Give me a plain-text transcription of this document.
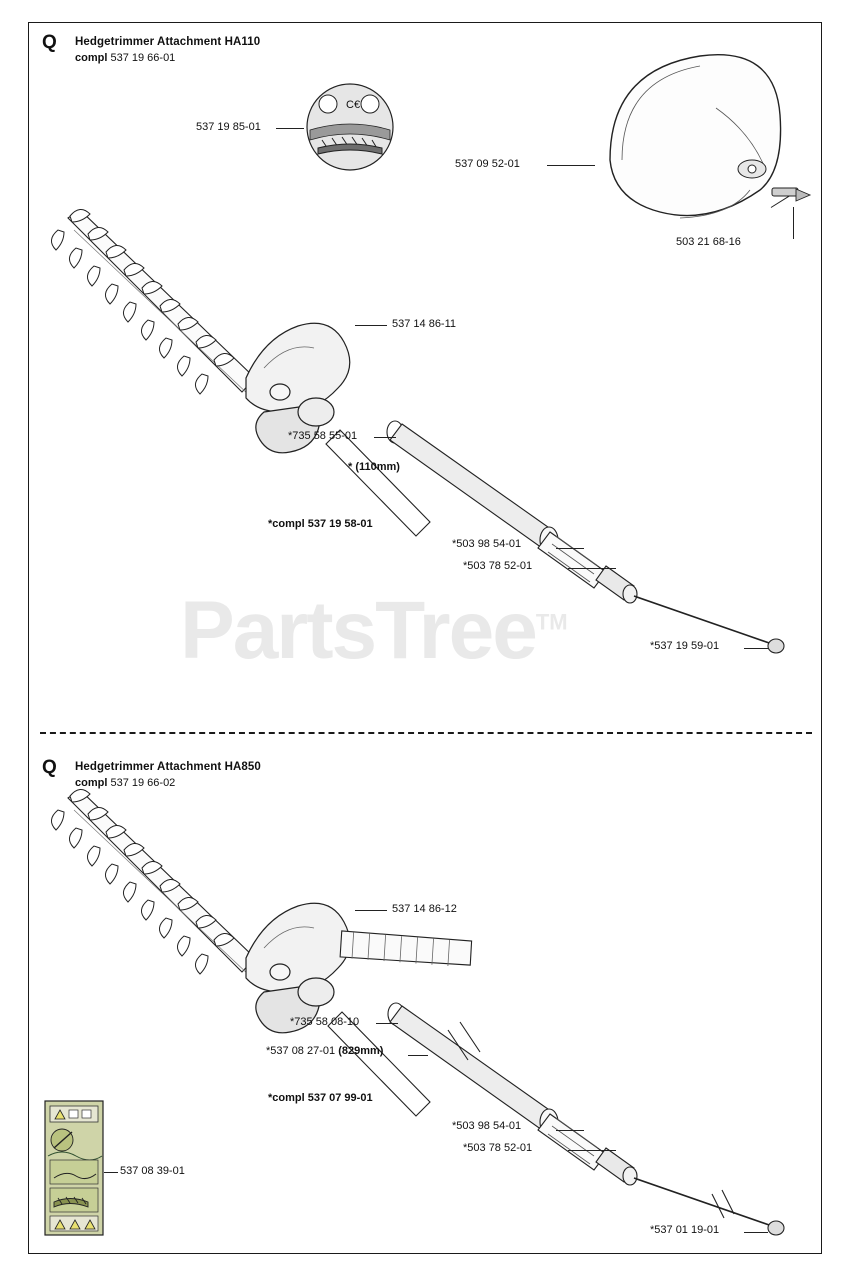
PartsTree™
Q Hedgetrimmer Attachment HA110
compl 537 19 66-01
C€
537 19 85-01
537 09 52-01
503 21 68-16
537 14 86-11
*735 58 55-01
* (110mm)
*compl 537 19 58-01
*503 98 54-01
*503 78 52-01
*537 19 59-01
Q Hedgetrimmer Attachment HA850
compl 537 19 66-02
537 14 86-12
*735 58 08-10
*537 08 27-01 (829mm)
*compl 537 07 99-01
*503 98 54-01
*503 78 52-01
*537 01 19-01
537 08 39-01
